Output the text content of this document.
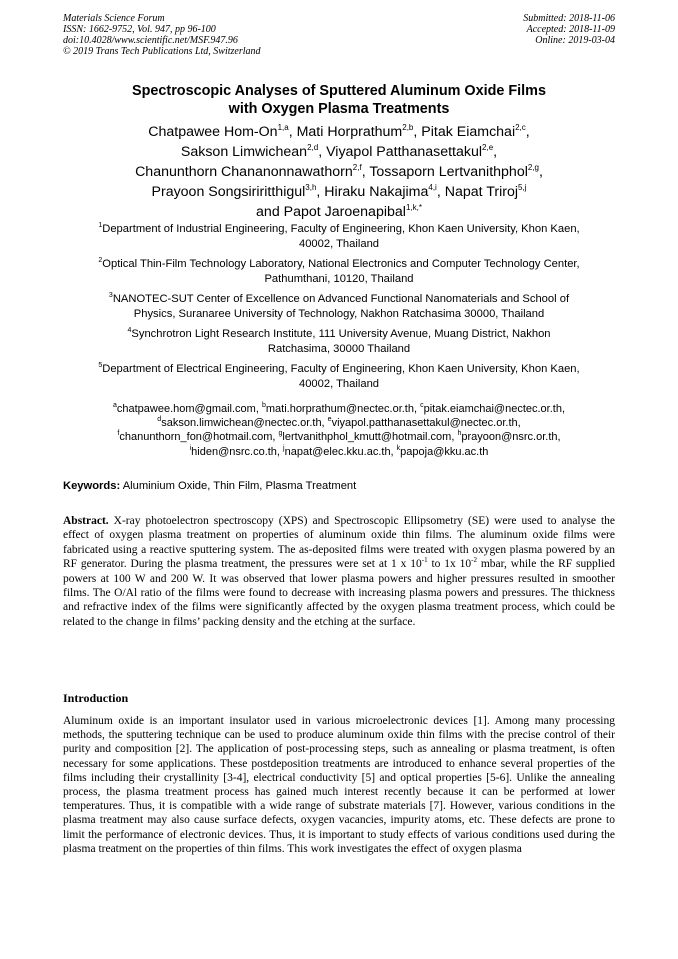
Materials Science Forum
ISSN: 1662-9752, Vol. 947, pp 96-100
doi:10.4028/www.scientific.net/MSF.947.96
© 2019 Trans Tech Publications Ltd, Switzerland
Submitted: 2018-11-06
Accepted: 2018-11-09
Online: 2019-03-04
Spectroscopic Analyses of Sputtered Aluminum Oxide Films
with Oxygen Plasma Treatments
Chatpawee Hom-On$^{1,a}$, Mati Horprathum$^{2,b}$, Pitak Eiamchai$^{2,c}$,
Sakson Limwichean$^{2,d}$, Viyapol Patthanasettakul$^{2,e}$,
Chanunthorn Chananonnawathorn$^{2,f}$, Tossaporn Lertvanithphol$^{2,g}$,
Prayoon Songsiriritthigul$^{3,h}$, Hiraku Nakajima$^{4,i}$, Napat Triroj$^{5,j}$
and Papot Jaroenapibal$^{1,k,*}$
$^1$Department of Industrial Engineering, Faculty of Engineering, Khon Kaen University, Khon Kaen,
40002, Thailand
$^2$Optical Thin-Film Technology Laboratory, National Electronics and Computer Technology Center,
Pathumthani, 10120, Thailand
$^3$NANOTEC-SUT Center of Excellence on Advanced Functional Nanomaterials and School of
Physics, Suranaree University of Technology, Nakhon Ratchasima 30000, Thailand
$^4$Synchrotron Light Research Institute, 111 University Avenue, Muang District, Nakhon
Ratchasima, 30000 Thailand
$^5$Department of Electrical Engineering, Faculty of Engineering, Khon Kaen University, Khon Kaen,
40002, Thailand
$^a$chatpawee.hom@gmail.com, $^b$mati.horprathum@nectec.or.th, $^c$pitak.eiamchai@nectec.or.th,
$^d$sakson.limwichean@nectec.or.th, $^e$viyapol.patthanasettakul@nectec.or.th,
$^f$chanunthorn_fon@hotmail.com, $^g$lertvanithphol_kmutt@hotmail.com, $^h$prayoon@nsrc.or.th,
$^i$hiden@nsrc.co.th, $^j$napat@elec.kku.ac.th, $^k$papoja@kku.ac.th
Keywords: Aluminium Oxide, Thin Film, Plasma Treatment
Abstract. X-ray photoelectron spectroscopy (XPS) and Spectroscopic Ellipsometry (SE) were used to analyse the effect of oxygen plasma treatment on properties of aluminum oxide thin films. The aluminum oxide films were fabricated using a reactive sputtering system. The as-deposited films were treated with oxygen plasma powered by an RF generator. During the plasma treatment, the pressures were set at 1 x $10^{-1}$ to 1x $10^{-2}$ mbar, while the RF supplied powers at 100 W and 200 W. It was observed that lower plasma powers and higher pressures resulted in smoother films. The O/Al ratio of the films were found to decrease with increasing plasma powers and pressures. The thickness and refractive index of the films were significantly affected by the oxygen plasma treatment process, which could be related to the change in films’ packing density and the etching at the surface.
Introduction
Aluminum oxide is an important insulator used in various microelectronic devices [1]. Among many processing methods, the sputtering technique can be used to produce aluminum oxide thin films with the precise control of their purity and composition [2]. The application of post-processing steps, such as annealing or plasma treatment, is often necessary for some applications. These postdeposition treatments are introduced to enhance several properties of the films including their crystallinity [3-4], electrical conductivity [5] and optical properties [5-6]. Unlike the annealing process, the plasma treatment process has gained much interest recently because it can be performed at lower temperatures. Thus, it is compatible with a wide range of substrate materials [7]. However, various conditions in the plasma treatment may also cause surface defects, oxygen vacancies, impurity atoms, etc. These defects are prone to limit the performance of electronic devices. Thus, it is important to study effects of various conditions used during the plasma treatment on the properties of thin films. This work investigates the effect of oxygen plasma
